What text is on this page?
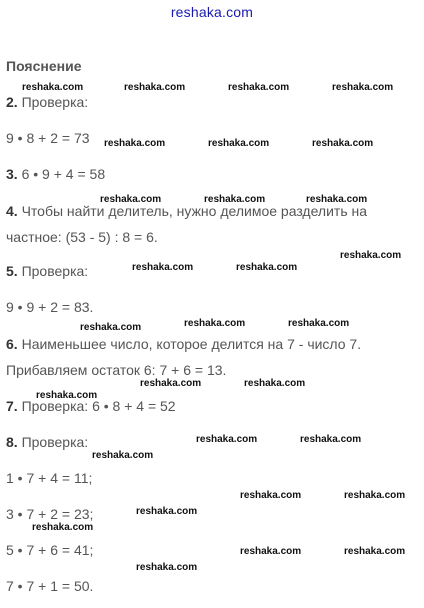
reshaka.com
Пояснение
2. Проверка:
9 • 8 + 2 = 73
3. 6 • 9 + 4 = 58
4. Чтобы найти делитель, нужно делимое разделить на
частное: (53 - 5) : 8 = 6.
5. Проверка:
9 • 9 + 2 = 83.
6. Наименьшее число, которое делится на 7 - число 7.
Прибавляем остаток 6: 7 + 6 = 13.
7. Проверка: 6 • 8 + 4 = 52
8. Проверка:
1 • 7 + 4 = 11;
3 • 7 + 2 = 23;
5 • 7 + 6 = 41;
7 • 7 + 1 = 50.
reshaka.com	reshaka.com	reshaka.com	reshaka.com
reshaka.com	reshaka.com	reshaka.com
reshaka.com	reshaka.com	reshaka.com
reshaka.com
reshaka.com	reshaka.com
reshaka.com	reshaka.com
reshaka.com
reshaka.com	reshaka.com
reshaka.com
reshaka.com	reshaka.com
reshaka.com
reshaka.com	reshaka.com
reshaka.com
reshaka.com
reshaka.com	reshaka.com
reshaka.com
